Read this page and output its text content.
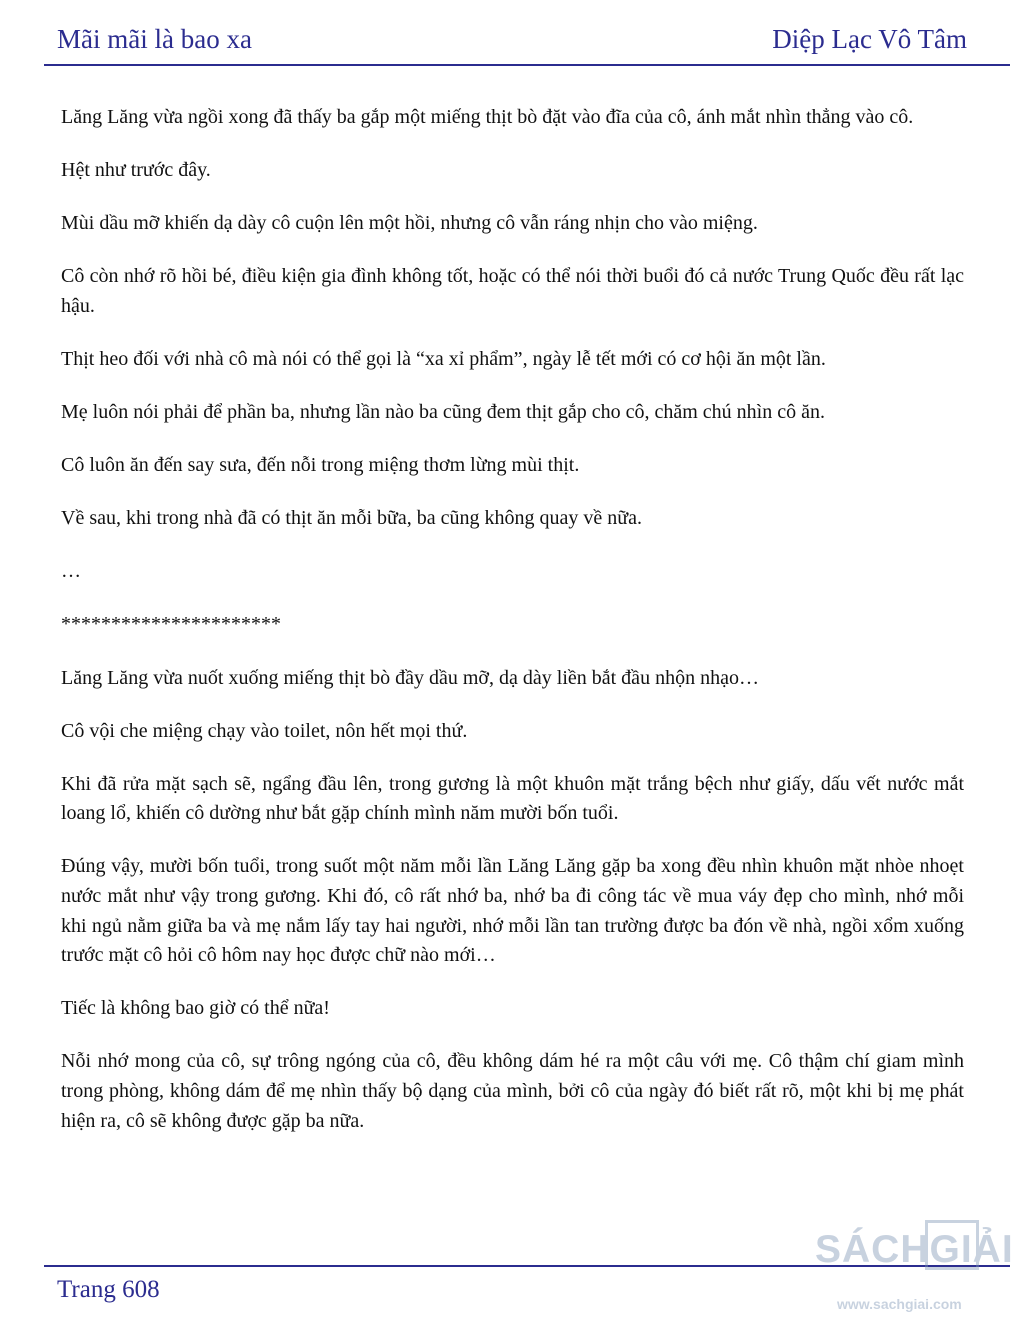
Mãi mãi là bao xa	Diệp Lạc Vô Tâm

Lăng Lăng vừa ngồi xong đã thấy ba gắp một miếng thịt bò đặt vào đĩa của cô, ánh mắt nhìn thẳng vào cô.

Hệt như trước đây.

Mùi dầu mỡ khiến dạ dày cô cuộn lên một hồi, nhưng cô vẫn ráng nhịn cho vào miệng.

Cô còn nhớ rõ hồi bé, điều kiện gia đình không tốt, hoặc có thể nói thời buổi đó cả nước Trung Quốc đều rất lạc hậu.

Thịt heo đối với nhà cô mà nói có thể gọi là “xa xỉ phẩm”, ngày lễ tết mới có cơ hội ăn một lần.

Mẹ luôn nói phải để phần ba, nhưng lần nào ba cũng đem thịt gắp cho cô, chăm chú nhìn cô ăn.

Cô luôn ăn đến say sưa, đến nỗi trong miệng thơm lừng mùi thịt.

Về sau, khi trong nhà đã có thịt ăn mỗi bữa, ba cũng không quay về nữa.

…

**********************

Lăng Lăng vừa nuốt xuống miếng thịt bò đầy dầu mỡ, dạ dày liền bắt đầu nhộn nhạo…

Cô vội che miệng chạy vào toilet, nôn hết mọi thứ.

Khi đã rửa mặt sạch sẽ, ngẩng đầu lên, trong gương là một khuôn mặt trắng bệch như giấy, dấu vết nước mắt loang lổ, khiến cô dường như bắt gặp chính mình năm mười bốn tuổi.

Đúng vậy, mười bốn tuổi, trong suốt một năm mỗi lần Lăng Lăng gặp ba xong đều nhìn khuôn mặt nhòe nhoẹt nước mắt như vậy trong gương. Khi đó, cô rất nhớ ba, nhớ ba đi công tác về mua váy đẹp cho mình, nhớ mỗi khi ngủ nằm giữa ba và mẹ nắm lấy tay hai người, nhớ mỗi lần tan trường được ba đón về nhà, ngồi xổm xuống trước mặt cô hỏi cô hôm nay học được chữ nào mới…

Tiếc là không bao giờ có thể nữa!

Nỗi nhớ mong của cô, sự trông ngóng của cô, đều không dám hé ra một câu với mẹ. Cô thậm chí giam mình trong phòng, không dám để mẹ nhìn thấy bộ dạng của mình, bởi cô của ngày đó biết rất rõ, một khi bị mẹ phát hiện ra, cô sẽ không được gặp ba nữa.

Trang 608
SÁCHGIẢI
www.sachgiai.com
